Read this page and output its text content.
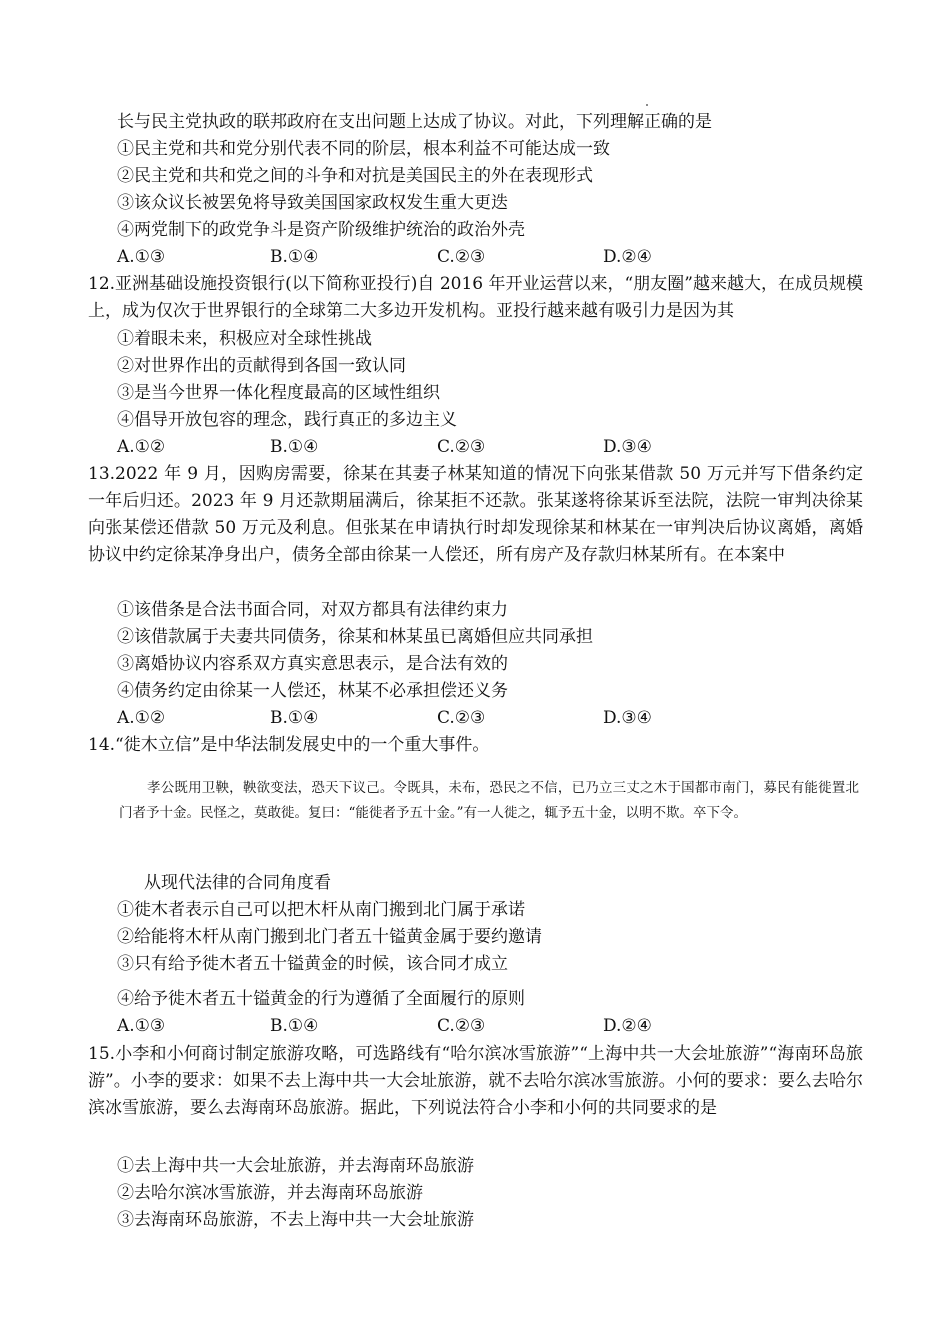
长与民主党执政的联邦政府在支出问题上达成了协议。对此，下列理解正确的是
①民主党和共和党分别代表不同的阶层，根本利益不可能达成一致
②民主党和共和党之间的斗争和对抗是美国民主的外在表现形式
③该众议长被罢免将导致美国国家政权发生重大更迭
④两党制下的政党争斗是资产阶级维护统治的政治外壳
A.①③	B.①④	C.②③	D.②④
12.亚洲基础设施投资银行(以下简称亚投行)自 2016 年开业运营以来，“朋友圈”越来越大，在成员规模上，成为仅次于世界银行的全球第二大多边开发机构。亚投行越来越有吸引力是因为其
①着眼未来，积极应对全球性挑战
②对世界作出的贡献得到各国一致认同
③是当今世界一体化程度最高的区域性组织
④倡导开放包容的理念，践行真正的多边主义
A.①②	B.①④	C.②③	D.③④
13.2022 年 9 月，因购房需要，徐某在其妻子林某知道的情况下向张某借款 50 万元并写下借条约定一年后归还。2023 年 9 月还款期届满后，徐某拒不还款。张某遂将徐某诉至法院，法院一审判决徐某向张某偿还借款 50 万元及利息。但张某在申请执行时却发现徐某和林某在一审判决后协议离婚，离婚协议中约定徐某净身出户，债务全部由徐某一人偿还，所有房产及存款归林某所有。在本案中
①该借条是合法书面合同，对双方都具有法律约束力
②该借款属于夫妻共同债务，徐某和林某虽已离婚但应共同承担
③离婚协议内容系双方真实意思表示，是合法有效的
④债务约定由徐某一人偿还，林某不必承担偿还义务
A.①②	B.①④	C.②③	D.③④
14.“徙木立信”是中华法制发展史中的一个重大事件。
孝公既用卫鞅，鞅欲变法，恐天下议己。令既具，未布，恐民之不信，已乃立三丈之木于国都市南门，募民有能徙置北门者予十金。民怪之，莫敢徙。复曰：“能徙者予五十金。”有一人徙之，辄予五十金，以明不欺。卒下令。
从现代法律的合同角度看
①徙木者表示自己可以把木杆从南门搬到北门属于承诺
②给能将木杆从南门搬到北门者五十镒黄金属于要约邀请
③只有给予徙木者五十镒黄金的时候，该合同才成立
④给予徙木者五十镒黄金的行为遵循了全面履行的原则
A.①③	B.①④	C.②③	D.②④
15.小李和小何商讨制定旅游攻略，可选路线有“哈尔滨冰雪旅游”“上海中共一大会址旅游”“海南环岛旅游”。小李的要求：如果不去上海中共一大会址旅游，就不去哈尔滨冰雪旅游。小何的要求：要么去哈尔滨冰雪旅游，要么去海南环岛旅游。据此，下列说法符合小李和小何的共同要求的是
①去上海中共一大会址旅游，并去海南环岛旅游
②去哈尔滨冰雪旅游，并去海南环岛旅游
③去海南环岛旅游，不去上海中共一大会址旅游
